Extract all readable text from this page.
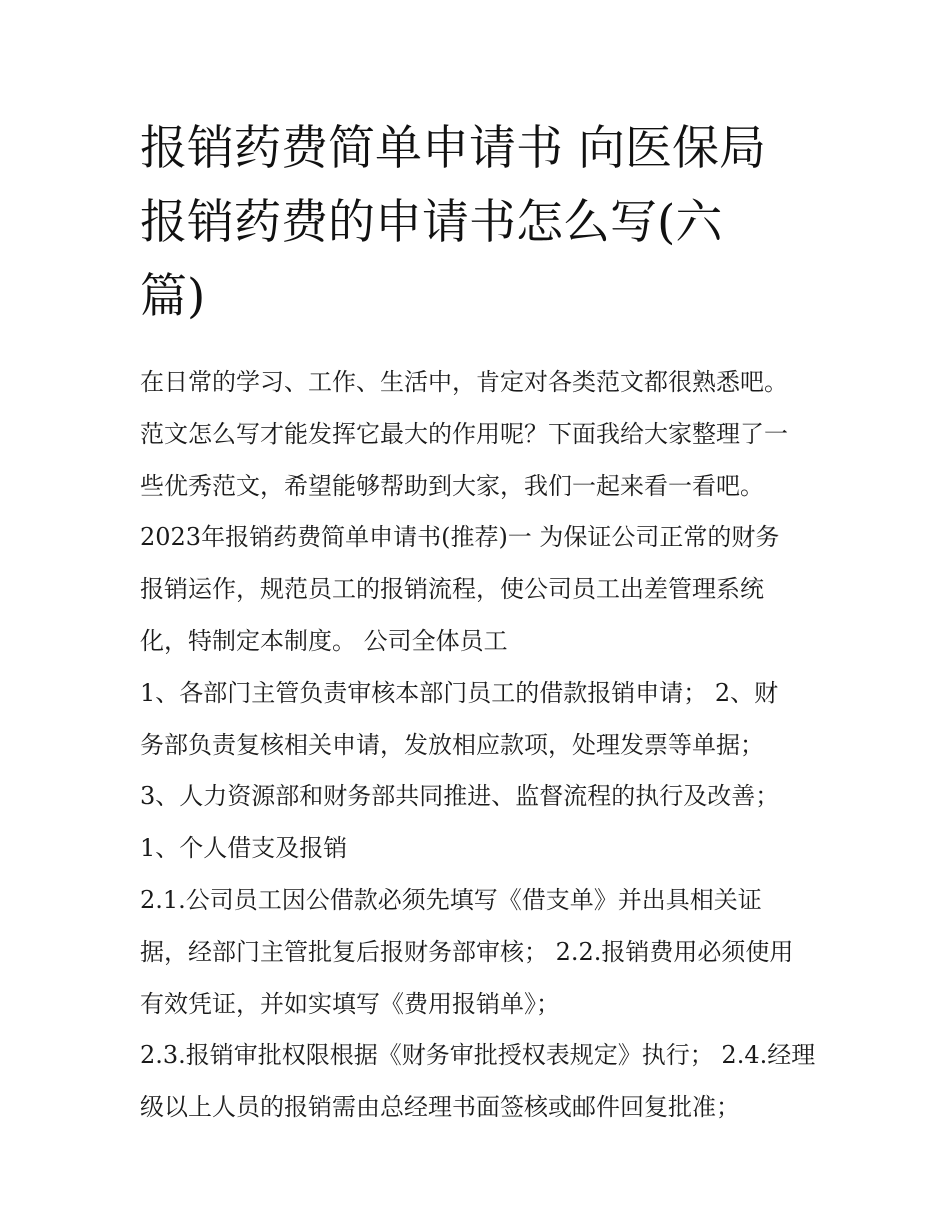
报销药费简单申请书 向医保局
报销药费的申请书怎么写(六
篇)
在日常的学习、工作、生活中，肯定对各类范文都很熟悉吧。
范文怎么写才能发挥它最大的作用呢？下面我给大家整理了一
些优秀范文，希望能够帮助到大家，我们一起来看一看吧。
2023年报销药费简单申请书(推荐)一 为保证公司正常的财务
报销运作，规范员工的报销流程，使公司员工出差管理系统
化，特制定本制度。 公司全体员工
1、各部门主管负责审核本部门员工的借款报销申请； 2、财
务部负责复核相关申请，发放相应款项，处理发票等单据；
3、人力资源部和财务部共同推进、监督流程的执行及改善；
1、个人借支及报销
2.1.公司员工因公借款必须先填写《借支单》并出具相关证
据，经部门主管批复后报财务部审核； 2.2.报销费用必须使用
有效凭证，并如实填写《费用报销单》；
2.3.报销审批权限根据《财务审批授权表规定》执行； 2.4.经理
级以上人员的报销需由总经理书面签核或邮件回复批准；
